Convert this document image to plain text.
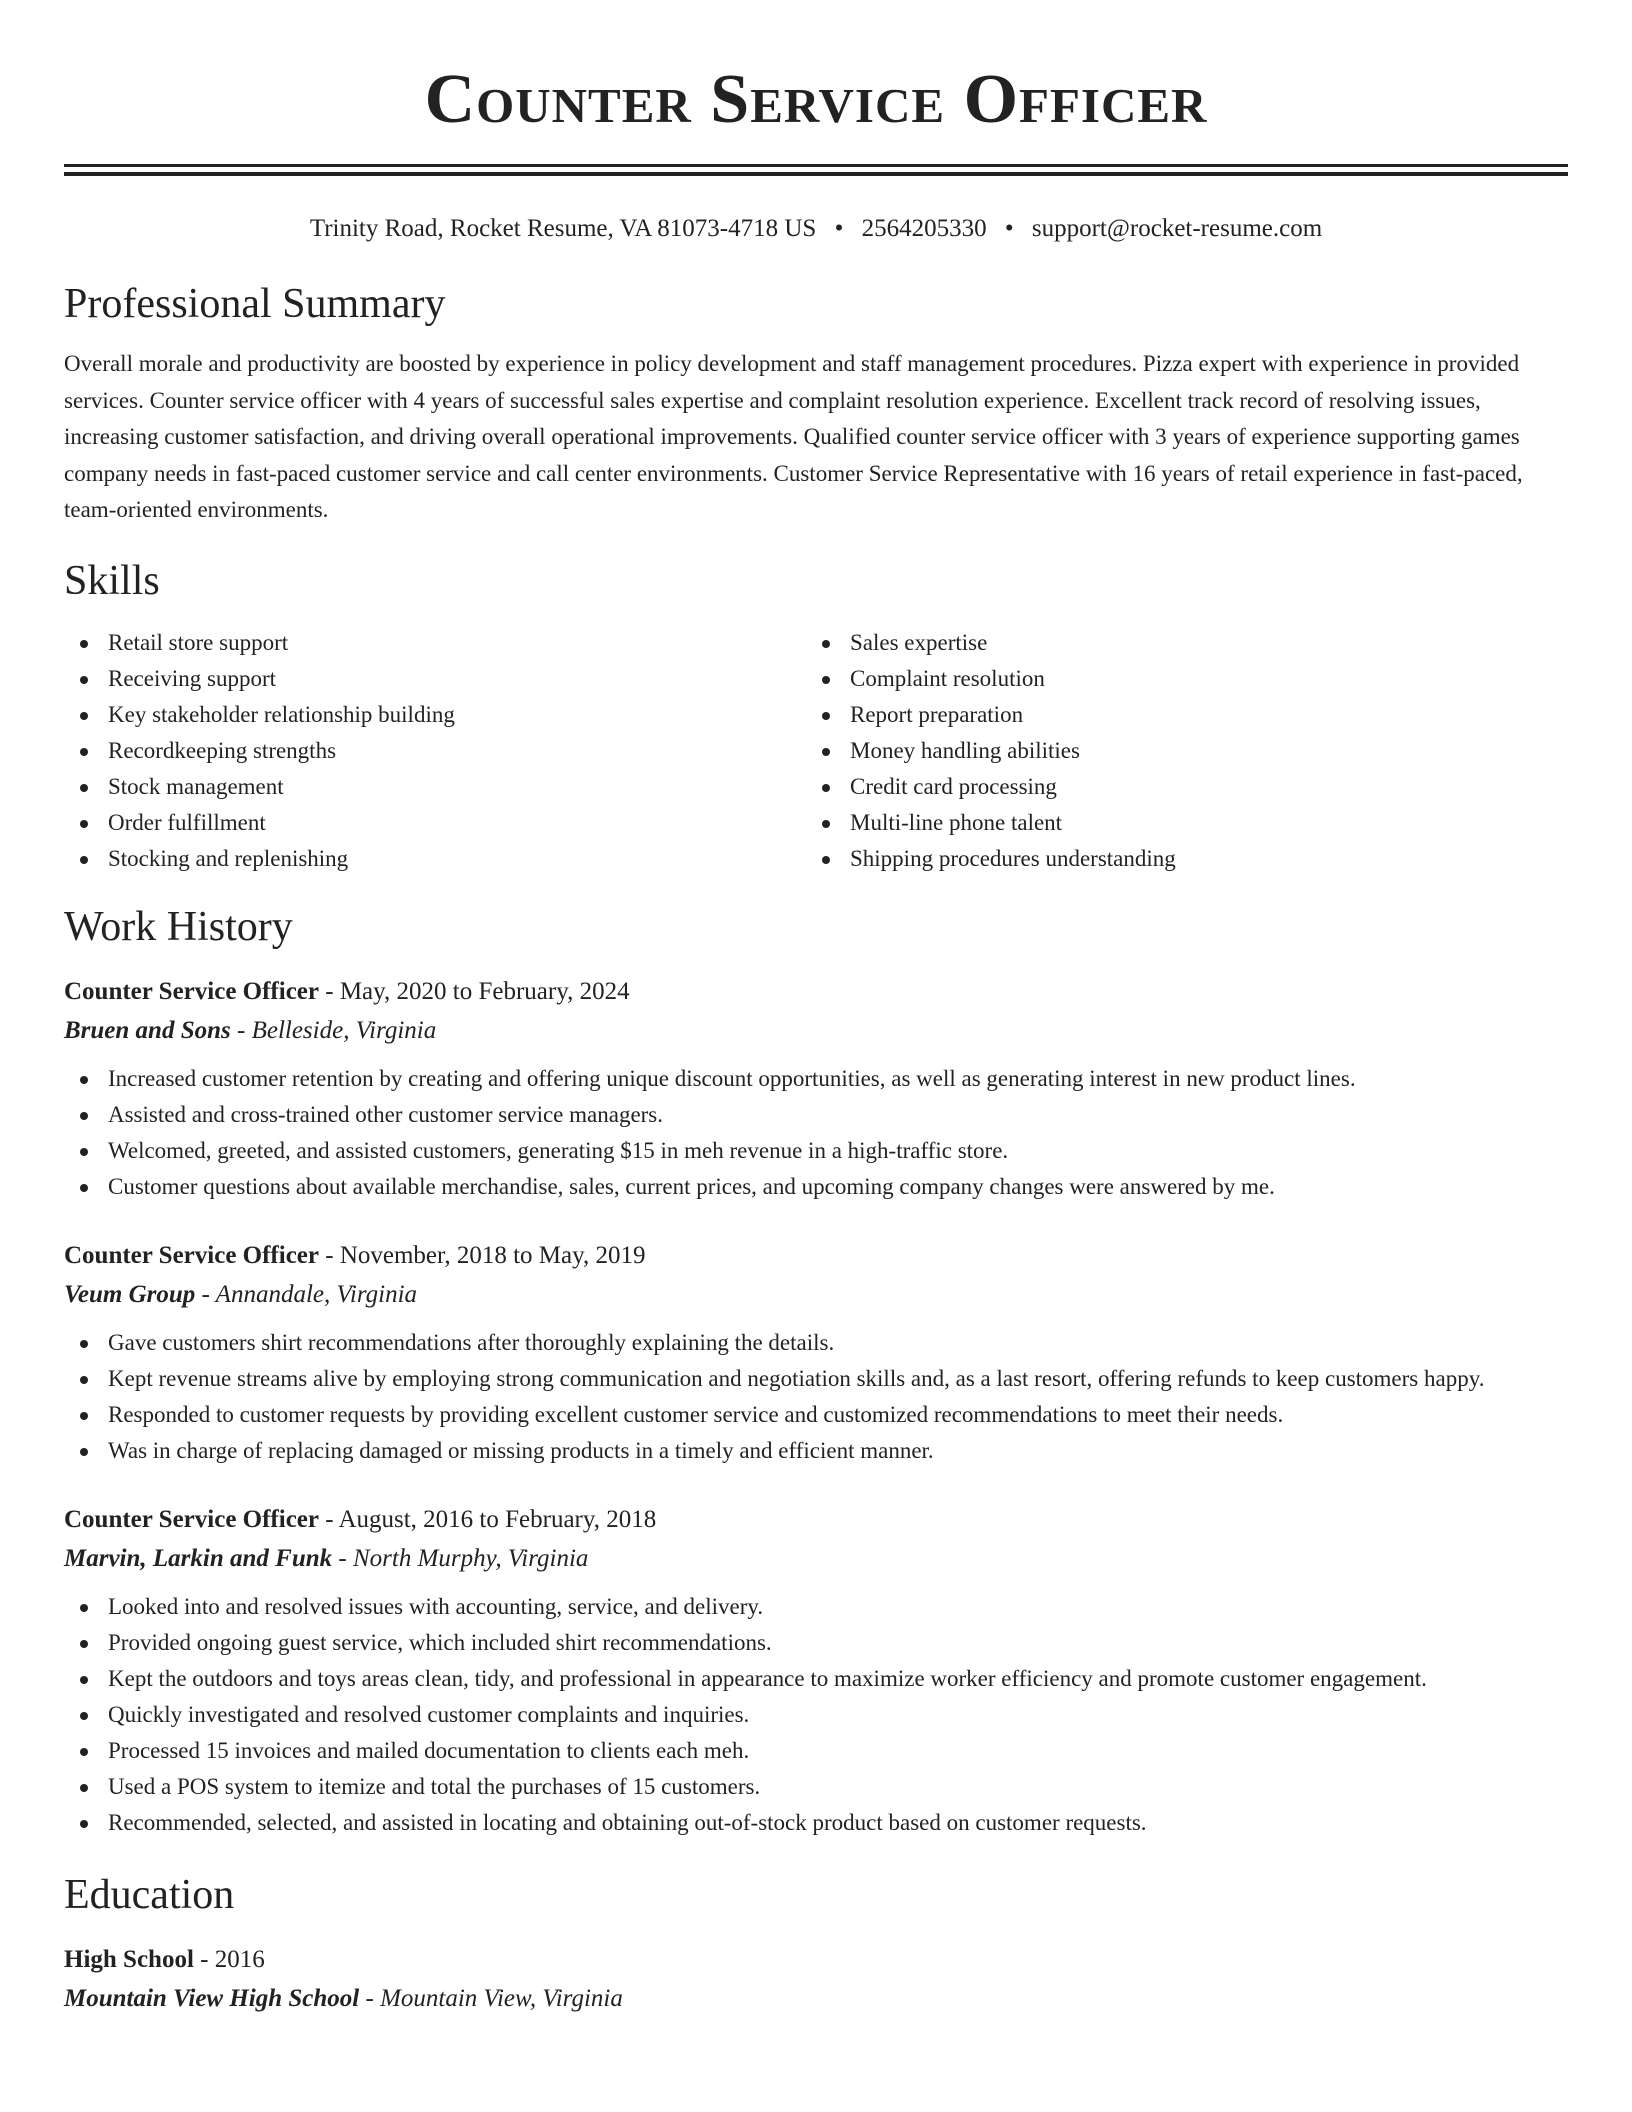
Counter Service Officer
Trinity Road, Rocket Resume, VA 81073-4718 US • 2564205330 • support@rocket-resume.com
Professional Summary

Overall morale and productivity are boosted by experience in policy development and staff management procedures. Pizza expert with experience in provided services. Counter service officer with 4 years of successful sales expertise and complaint resolution experience. Excellent track record of resolving issues, increasing customer satisfaction, and driving overall operational improvements. Qualified counter service officer with 3 years of experience supporting games company needs in fast-paced customer service and call center environments. Customer Service Representative with 16 years of retail experience in fast-paced, team-oriented environments.

Skills
Retail store support
Receiving support
Key stakeholder relationship building
Recordkeeping strengths
Stock management
Order fulfillment
Stocking and replenishing
Sales expertise
Complaint resolution
Report preparation
Money handling abilities
Credit card processing
Multi-line phone talent
Shipping procedures understanding
Work History
Counter Service Officer - May, 2020 to February, 2024
Bruen and Sons - Belleside, Virginia
Increased customer retention by creating and offering unique discount opportunities, as well as generating interest in new product lines.
Assisted and cross-trained other customer service managers.
Welcomed, greeted, and assisted customers, generating $15 in meh revenue in a high-traffic store.
Customer questions about available merchandise, sales, current prices, and upcoming company changes were answered by me.
Counter Service Officer - November, 2018 to May, 2019
Veum Group - Annandale, Virginia
Gave customers shirt recommendations after thoroughly explaining the details.
Kept revenue streams alive by employing strong communication and negotiation skills and, as a last resort, offering refunds to keep customers happy.
Responded to customer requests by providing excellent customer service and customized recommendations to meet their needs.
Was in charge of replacing damaged or missing products in a timely and efficient manner.
Counter Service Officer - August, 2016 to February, 2018
Marvin, Larkin and Funk - North Murphy, Virginia
Looked into and resolved issues with accounting, service, and delivery.
Provided ongoing guest service, which included shirt recommendations.
Kept the outdoors and toys areas clean, tidy, and professional in appearance to maximize worker efficiency and promote customer engagement.
Quickly investigated and resolved customer complaints and inquiries.
Processed 15 invoices and mailed documentation to clients each meh.
Used a POS system to itemize and total the purchases of 15 customers.
Recommended, selected, and assisted in locating and obtaining out-of-stock product based on customer requests.
Education
High School - 2016
Mountain View High School - Mountain View, Virginia
